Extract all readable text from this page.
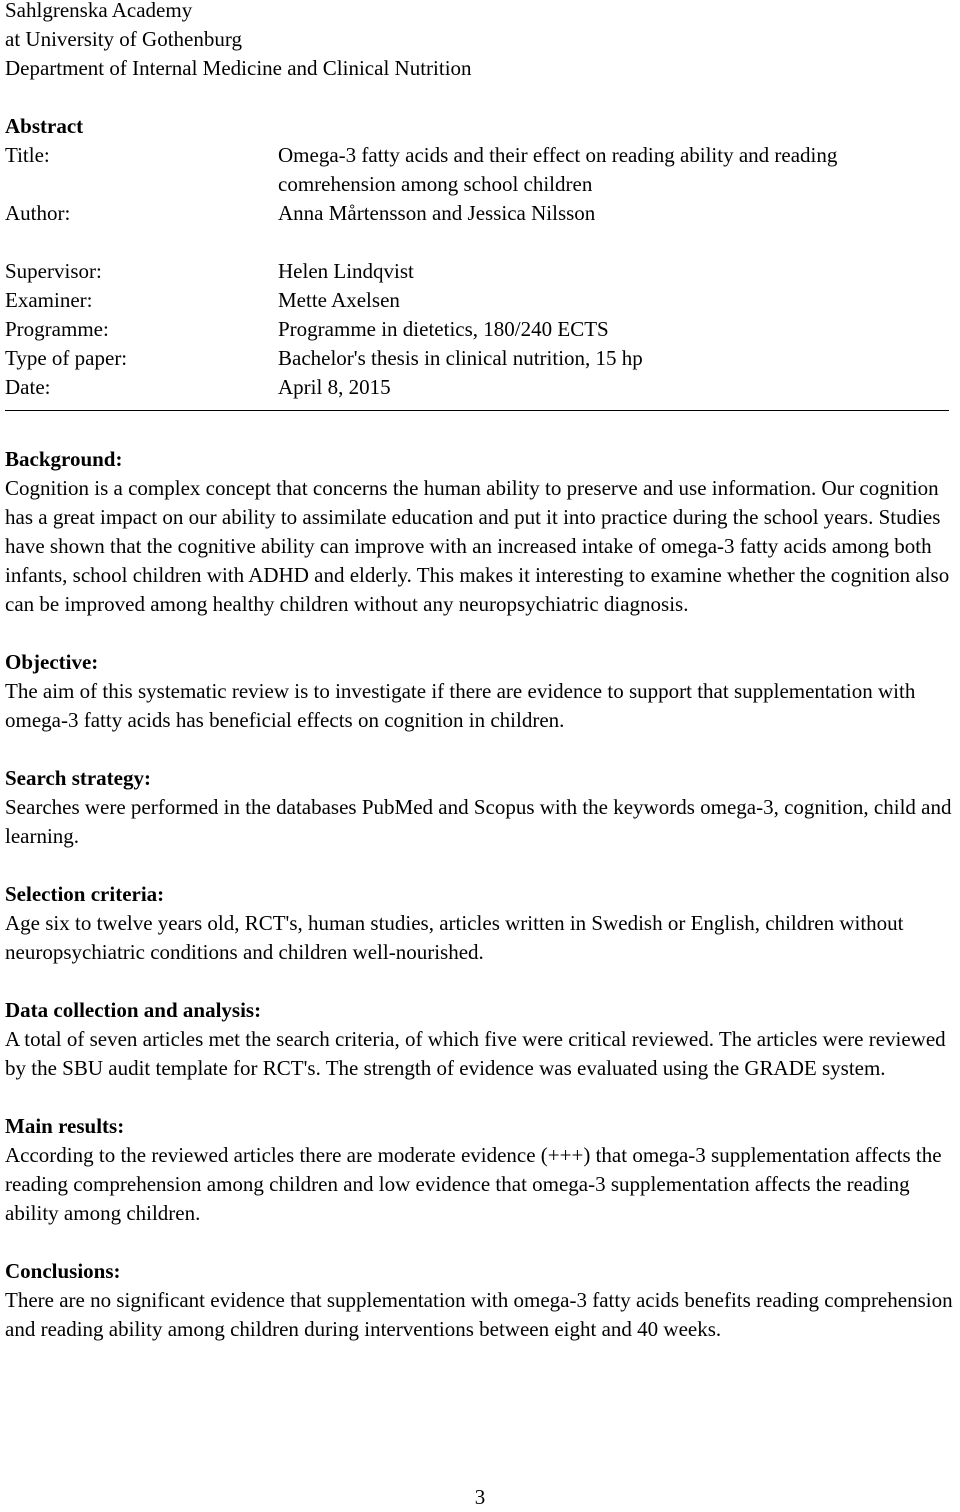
Sahlgrenska Academy
at University of Gothenburg
Department of Internal Medicine and Clinical Nutrition
Abstract
Title:	Omega-3 fatty acids and their effect on reading ability and reading
	comrehension among school children
Author:	Anna Mårtensson and Jessica Nilsson

Supervisor:	Helen Lindqvist
Examiner:	Mette Axelsen
Programme:	Programme in dietetics, 180/240 ECTS
Type of paper:	Bachelor's thesis in clinical nutrition, 15 hp
Date:	April 8, 2015
Background:

Cognition is a complex concept that concerns the human ability to preserve and use information. Our cognition has a great impact on our ability to assimilate education and put it into practice during the school years. Studies have shown that the cognitive ability can improve with an increased intake of omega-3 fatty acids among both infants, school children with ADHD and elderly. This makes it interesting to examine whether the cognition also can be improved among healthy children without any neuropsychiatric diagnosis.

Objective:

The aim of this systematic review is to investigate if there are evidence to support that supplementation with omega-3 fatty acids has beneficial effects on cognition in children.

Search strategy:

Searches were performed in the databases PubMed and Scopus with the keywords omega-3, cognition, child and learning.

Selection criteria:

Age six to twelve years old, RCT's, human studies, articles written in Swedish or English, children without neuropsychiatric conditions and children well-nourished.

Data collection and analysis:

A total of seven articles met the search criteria, of which five were critical reviewed. The articles were reviewed by the SBU audit template for RCT's. The strength of evidence was evaluated using the GRADE system.

Main results:

According to the reviewed articles there are moderate evidence (+++) that omega-3 supplementation affects the reading comprehension among children and low evidence that omega-3 supplementation affects the reading ability among children.

Conclusions:

There are no significant evidence that supplementation with omega-3 fatty acids benefits reading comprehension and reading ability among children during interventions between eight and 40 weeks.

3
